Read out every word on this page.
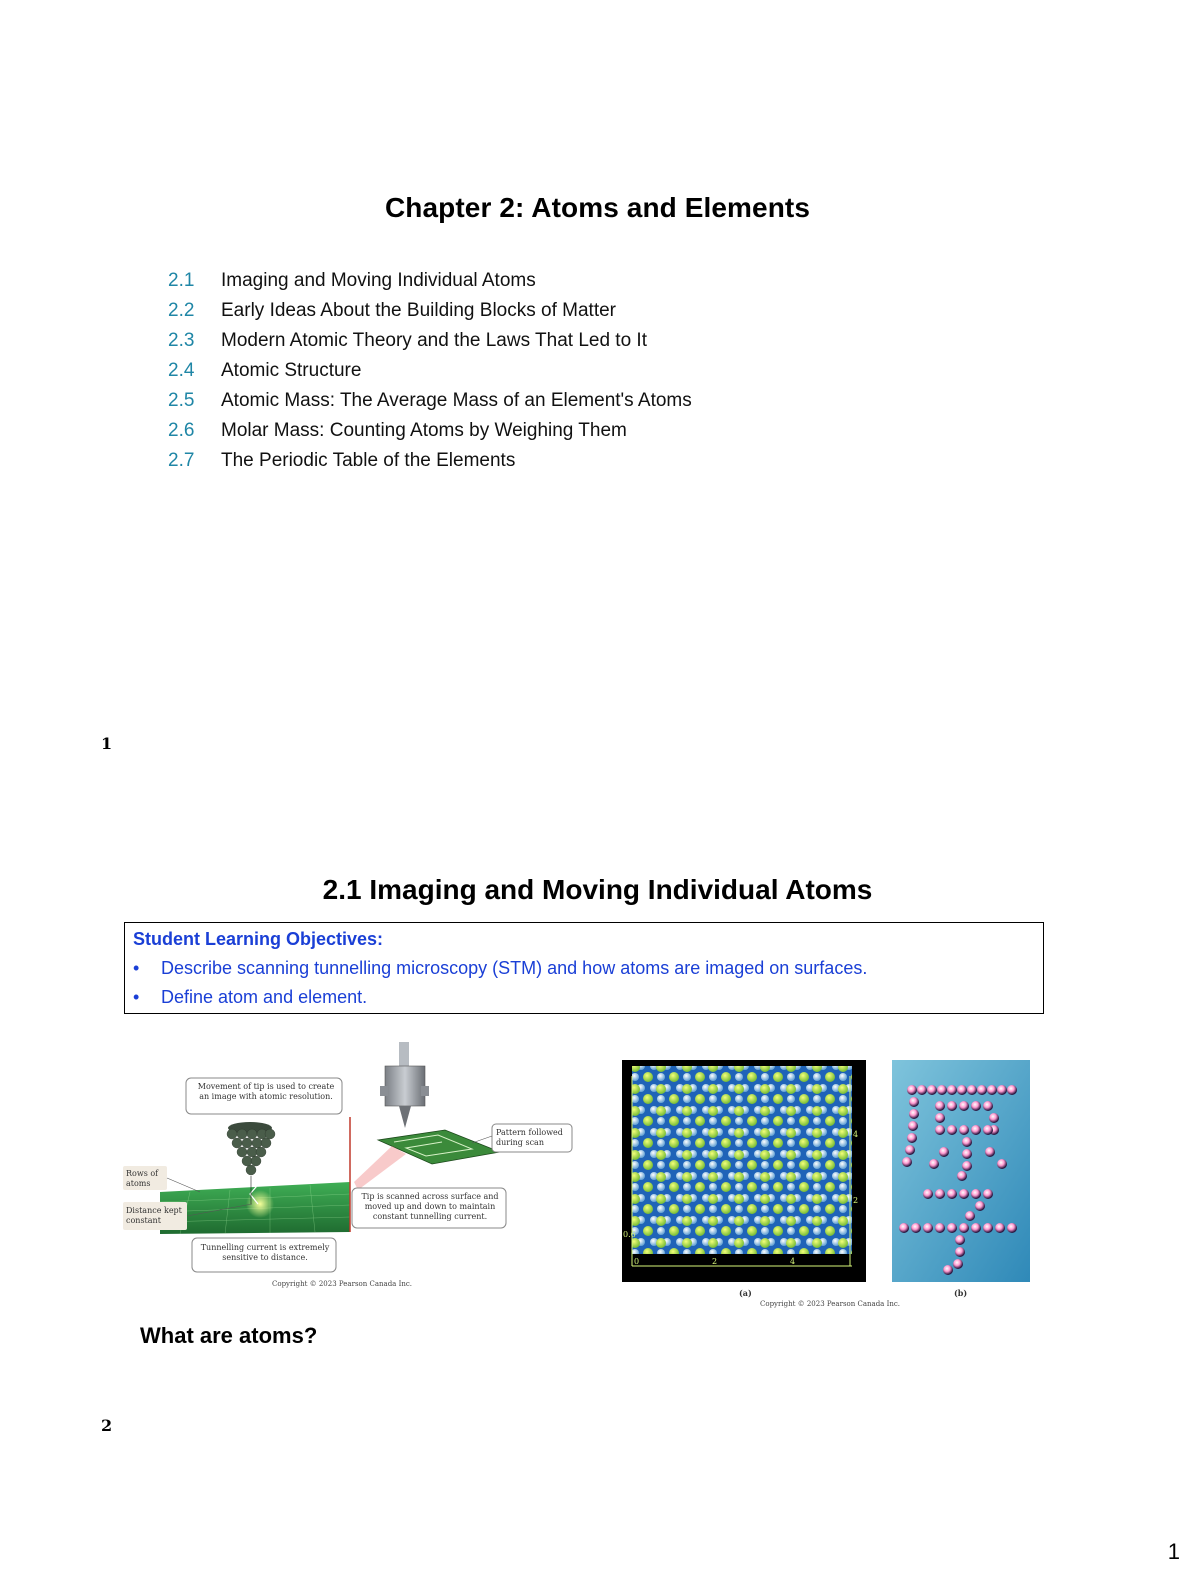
Chapter 2: Atoms and Elements
2.1	Imaging and Moving Individual Atoms
2.2	Early Ideas About the Building Blocks of Matter
2.3	Modern Atomic Theory and the Laws That Led to It
2.4	Atomic Structure
2.5	Atomic Mass: The Average Mass of an Element's Atoms
2.6	Molar Mass: Counting Atoms by Weighing Them
2.7	The Periodic Table of the Elements
1
2.1 Imaging and Moving Individual Atoms
Student Learning Objectives:
•	Describe scanning tunnelling microscopy (STM) and how atoms are imaged on surfaces.
•	Define atom and element.
Movement of tip is used to create an image with atomic resolution.
Pattern followed during scan
Rows of atoms
Distance kept constant
Tip is scanned across surface and moved up and down to maintain constant tunnelling current.
Tunnelling current is extremely sensitive to distance.
Copyright © 2023 Pearson Canada Inc.
0	2	4
2
4
0.6
(a)	(b)
Copyright © 2023 Pearson Canada Inc.
What are atoms?
2
1
